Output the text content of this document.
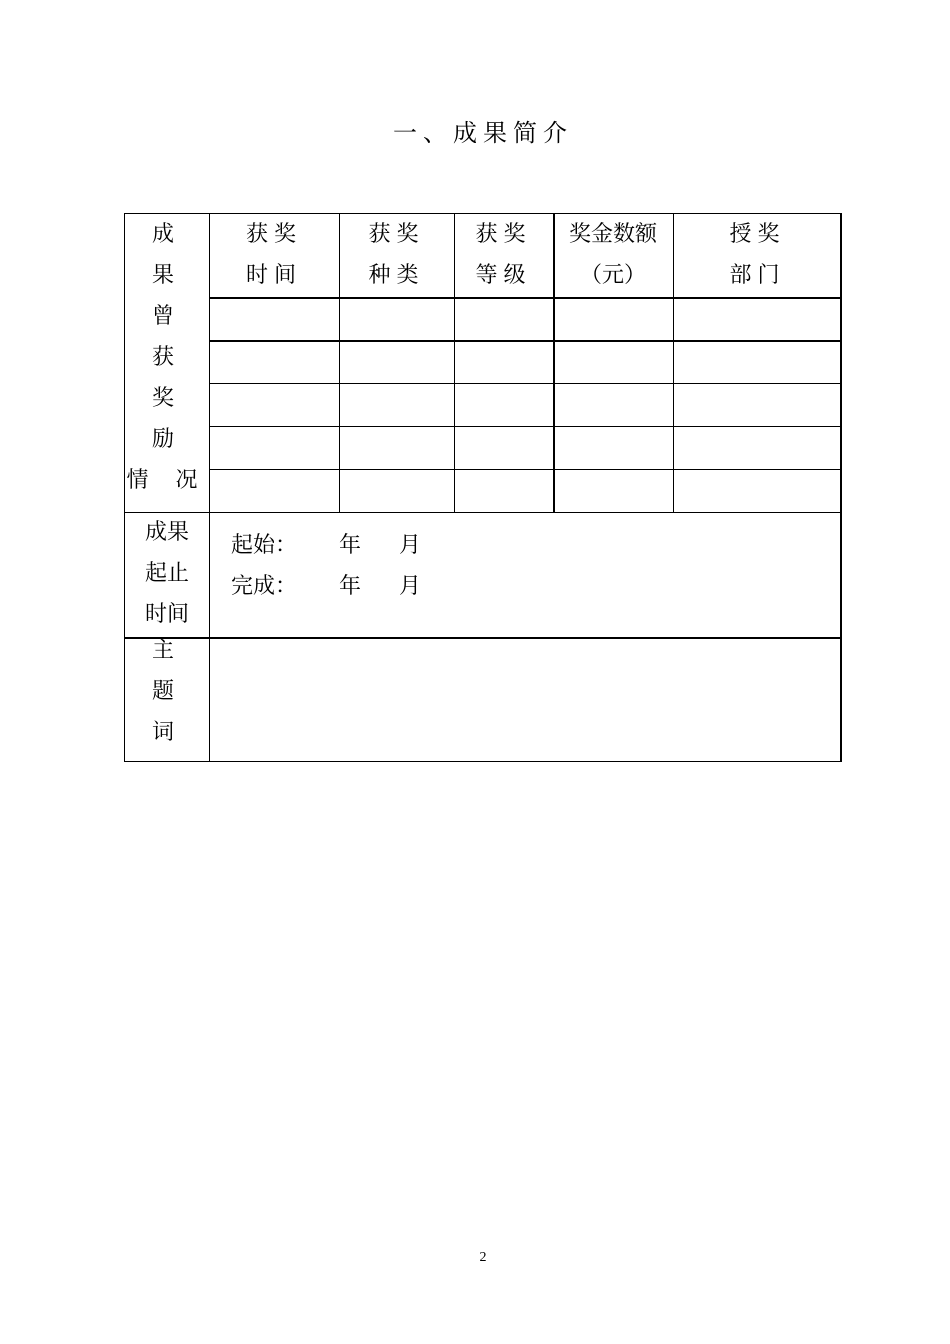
一、成果简介
成
果
曾
获
奖
励
情 况
获奖
时间
获奖
种类
获奖
等级
奖金数额
（元）
授奖
部门
成果
起止
时间
起始： 年 月
完成： 年 月
主
题
词
2
